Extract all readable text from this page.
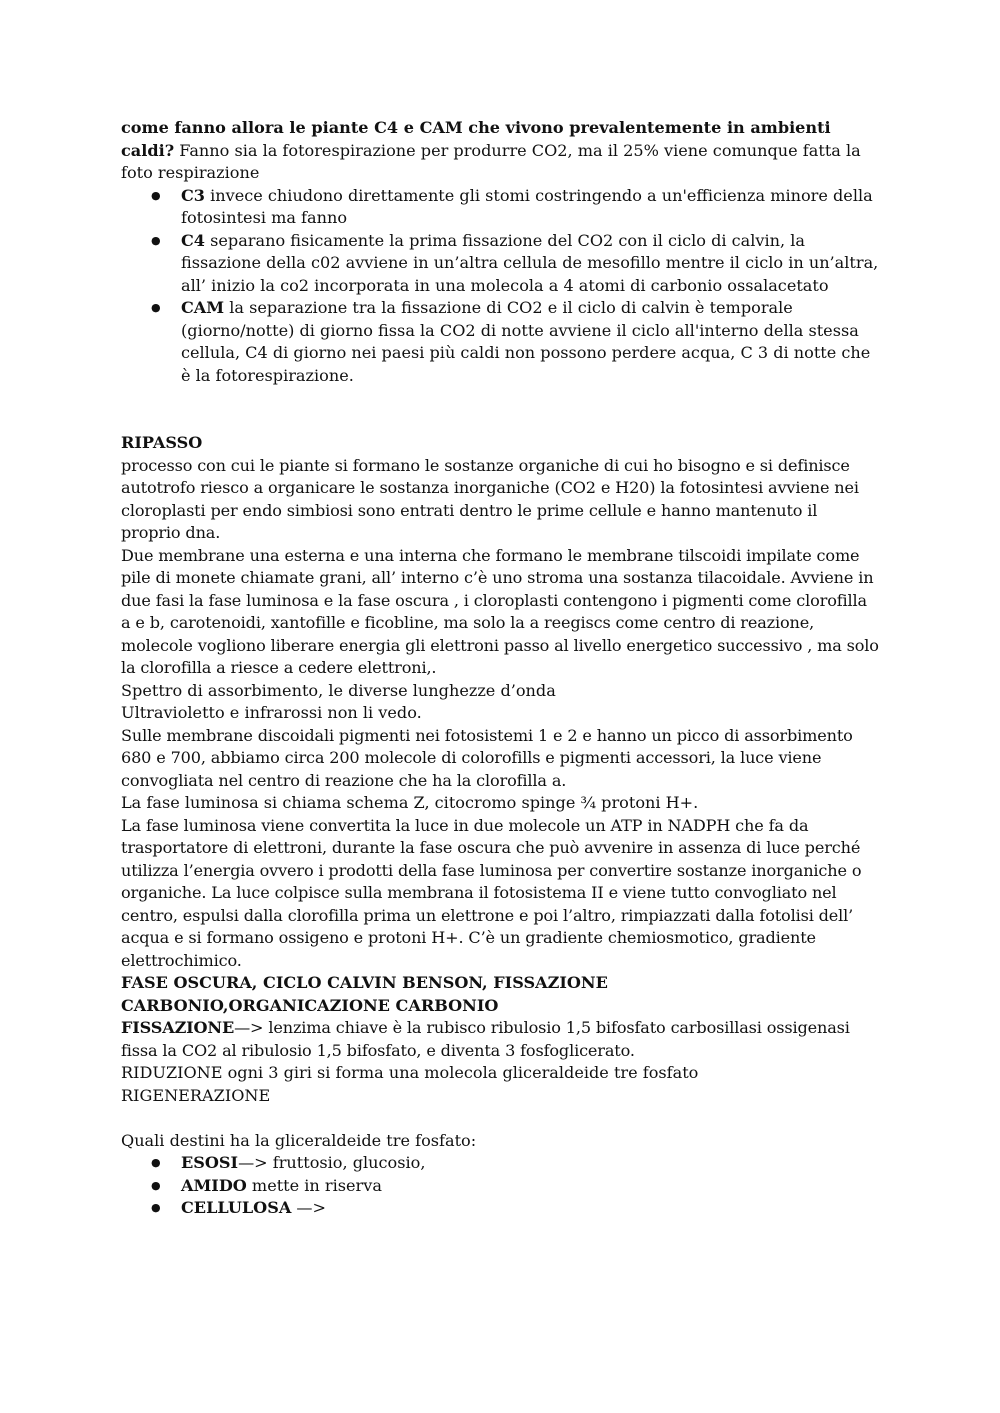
come fanno allora le piante C4 e CAM che vivono prevalentemente in ambienti caldi? Fanno sia la fotorespirazione per produrre CO2, ma il 25% viene comunque fatta la foto respirazione

● C3 invece chiudono direttamente gli stomi costringendo a un'efficienza minore della fotosintesi ma fanno
● C4 separano fisicamente la prima fissazione del CO2 con il ciclo di calvin, la fissazione della c02 avviene in un’altra cellula de mesofillo mentre il ciclo in un’altra, all’ inizio la co2 incorporata in una molecola a 4 atomi di carbonio ossalacetato
● CAM la separazione tra la fissazione di CO2 e il ciclo di calvin è temporale (giorno/notte) di giorno fissa la CO2 di notte avviene il ciclo all'interno della stessa cellula, C4 di giorno nei paesi più caldi non possono perdere acqua, C 3 di notte che è la fotorespirazione.

RIPASSO

processo con cui le piante si formano le sostanze organiche di cui ho bisogno e si definisce autotrofo riesco a organicare le sostanza inorganiche (CO2 e H20) la fotosintesi avviene nei cloroplasti per endo simbiosi sono entrati dentro le prime cellule e hanno mantenuto il proprio dna.

Due membrane una esterna e una interna che formano le membrane tilscoidi impilate come pile di monete chiamate grani, all’ interno c’è uno stroma una sostanza tilacoidale. Avviene in due fasi la fase luminosa e la fase oscura , i cloroplasti contengono i pigmenti come clorofilla a e b, carotenoidi, xantofille e ficobline, ma solo la a reegiscs come centro di reazione, molecole vogliono liberare energia gli elettroni passo al livello energetico successivo , ma solo la clorofilla a riesce a cedere elettroni,.

Spettro di assorbimento, le diverse lunghezze d’onda

Ultravioletto e infrarossi non li vedo.

Sulle membrane discoidali pigmenti nei fotosistemi 1 e 2 e hanno un picco di assorbimento 680 e 700, abbiamo circa 200 molecole di colorofills e pigmenti accessori, la luce viene convogliata nel centro di reazione che ha la clorofilla a.

La fase luminosa si chiama schema Z, citocromo spinge ¾ protoni H+.

La fase luminosa viene convertita la luce in due molecole un ATP in NADPH che fa da trasportatore di elettroni, durante la fase oscura che può avvenire in assenza di luce perché utilizza l’energia ovvero i prodotti della fase luminosa per convertire sostanze inorganiche o organiche. La luce colpisce sulla membrana il fotosistema II e viene tutto convogliato nel centro, espulsi dalla clorofilla prima un elettrone e poi l’altro, rimpiazzati dalla fotolisi dell’ acqua e si formano ossigeno e protoni H+. C’è un gradiente chemiosmotico, gradiente elettrochimico.

FASE OSCURA, CICLO CALVIN BENSON, FISSAZIONE CARBONIO,ORGANICAZIONE CARBONIO

FISSAZIONE—> lenzima chiave è la rubisco ribulosio 1,5 bifosfato carbosillasi ossigenasi fissa la CO2 al ribulosio 1,5 bifosfato, e diventa 3 fosfoglicerato.

RIDUZIONE ogni 3 giri si forma una molecola gliceraldeide tre fosfato

RIGENERAZIONE

Quali destini ha la gliceraldeide tre fosfato:

● ESOSI—> fruttosio, glucosio,
● AMIDO mette in riserva
● CELLULOSA —>
